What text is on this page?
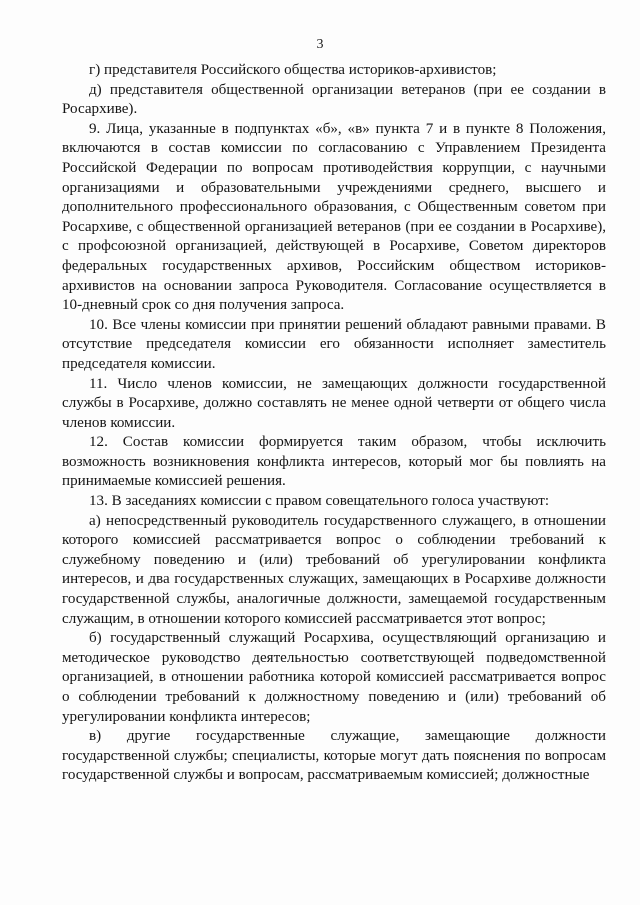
3

г) представителя Российского общества историков-архивистов;

д) представителя общественной организации ветеранов (при ее создании в Росархиве).

9. Лица, указанные в подпунктах «б», «в» пункта 7 и в пункте 8 Положения, включаются в состав комиссии по согласованию с Управлением Президента Российской Федерации по вопросам противодействия коррупции, с научными организациями и образовательными учреждениями среднего, высшего и дополнительного профессионального образования, с Общественным советом при Росархиве, с общественной организацией ветеранов (при ее создании в Росархиве), с профсоюзной организацией, действующей в Росархиве, Советом директоров федеральных государственных архивов, Российским обществом историков-архивистов на основании запроса Руководителя. Согласование осуществляется в 10-дневный срок со дня получения запроса.

10. Все члены комиссии при принятии решений обладают равными правами. В отсутствие председателя комиссии его обязанности исполняет заместитель председателя комиссии.

11. Число членов комиссии, не замещающих должности государственной службы в Росархиве, должно составлять не менее одной четверти от общего числа членов комиссии.

12. Состав комиссии формируется таким образом, чтобы исключить возможность возникновения конфликта интересов, который мог бы повлиять на принимаемые комиссией решения.

13. В заседаниях комиссии с правом совещательного голоса участвуют:

а) непосредственный руководитель государственного служащего, в отношении которого комиссией рассматривается вопрос о соблюдении требований к служебному поведению и (или) требований об урегулировании конфликта интересов, и два государственных служащих, замещающих в Росархиве должности государственной службы, аналогичные должности, замещаемой государственным служащим, в отношении которого комиссией рассматривается этот вопрос;

б) государственный служащий Росархива, осуществляющий организацию и методическое руководство деятельностью соответствующей подведомственной организацией, в отношении работника которой комиссией рассматривается вопрос о соблюдении требований к должностному поведению и (или) требований об урегулировании конфликта интересов;

в) другие государственные служащие, замещающие должности государственной службы; специалисты, которые могут дать пояснения по вопросам государственной службы и вопросам, рассматриваемым комиссией; должностные
